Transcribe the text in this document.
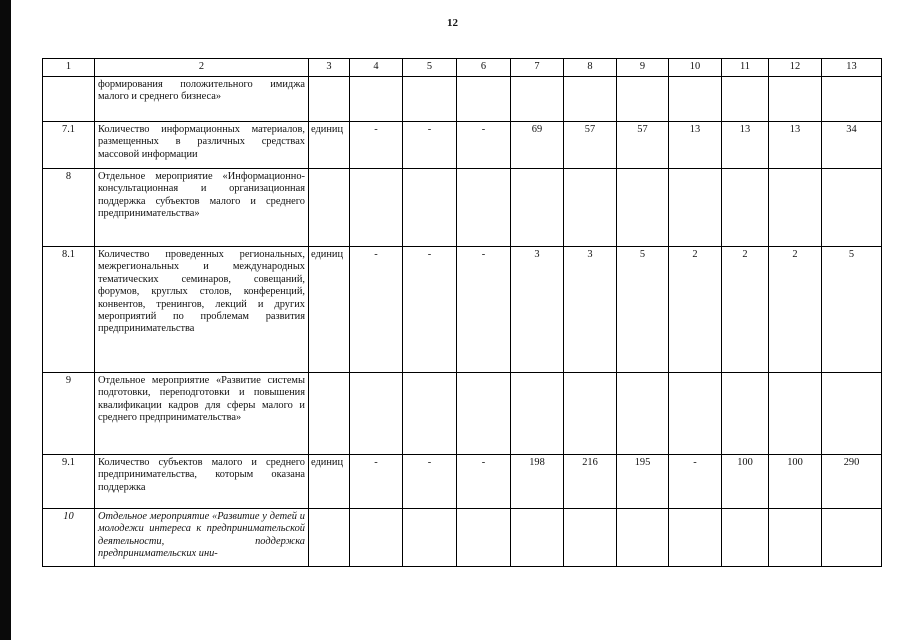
12
1	2	3	4	5	6	7	8	9	10	11	12	13
	формирования положительного имиджа малого и среднего бизнеса»											
7.1	Количество информационных материалов, размещенных в различных средствах массовой информации	единиц	-	-	-	69	57	57	13	13	13	34
8	Отдельное мероприятие «Информационно-консультационная и организационная поддержка субъектов малого и среднего предпринимательства»											
8.1	Количество проведенных региональных, межрегиональных и международных тематических семинаров, совещаний, форумов, круглых столов, конференций, конвентов, тренингов, лекций и других мероприятий по проблемам развития предпринимательства	единиц	-	-	-	3	3	5	2	2	2	5
9	Отдельное мероприятие «Развитие системы подготовки, переподготовки и повышения квалификации кадров для сферы малого и среднего предпринимательства»											
9.1	Количество субъектов малого и среднего предпринимательства, которым оказана поддержка	единиц	-	-	-	198	216	195	-	100	100	290
10	Отдельное мероприятие «Развитие у детей и молодежи интереса к предпринимательской деятельности, поддержка предпринимательских ини-											
